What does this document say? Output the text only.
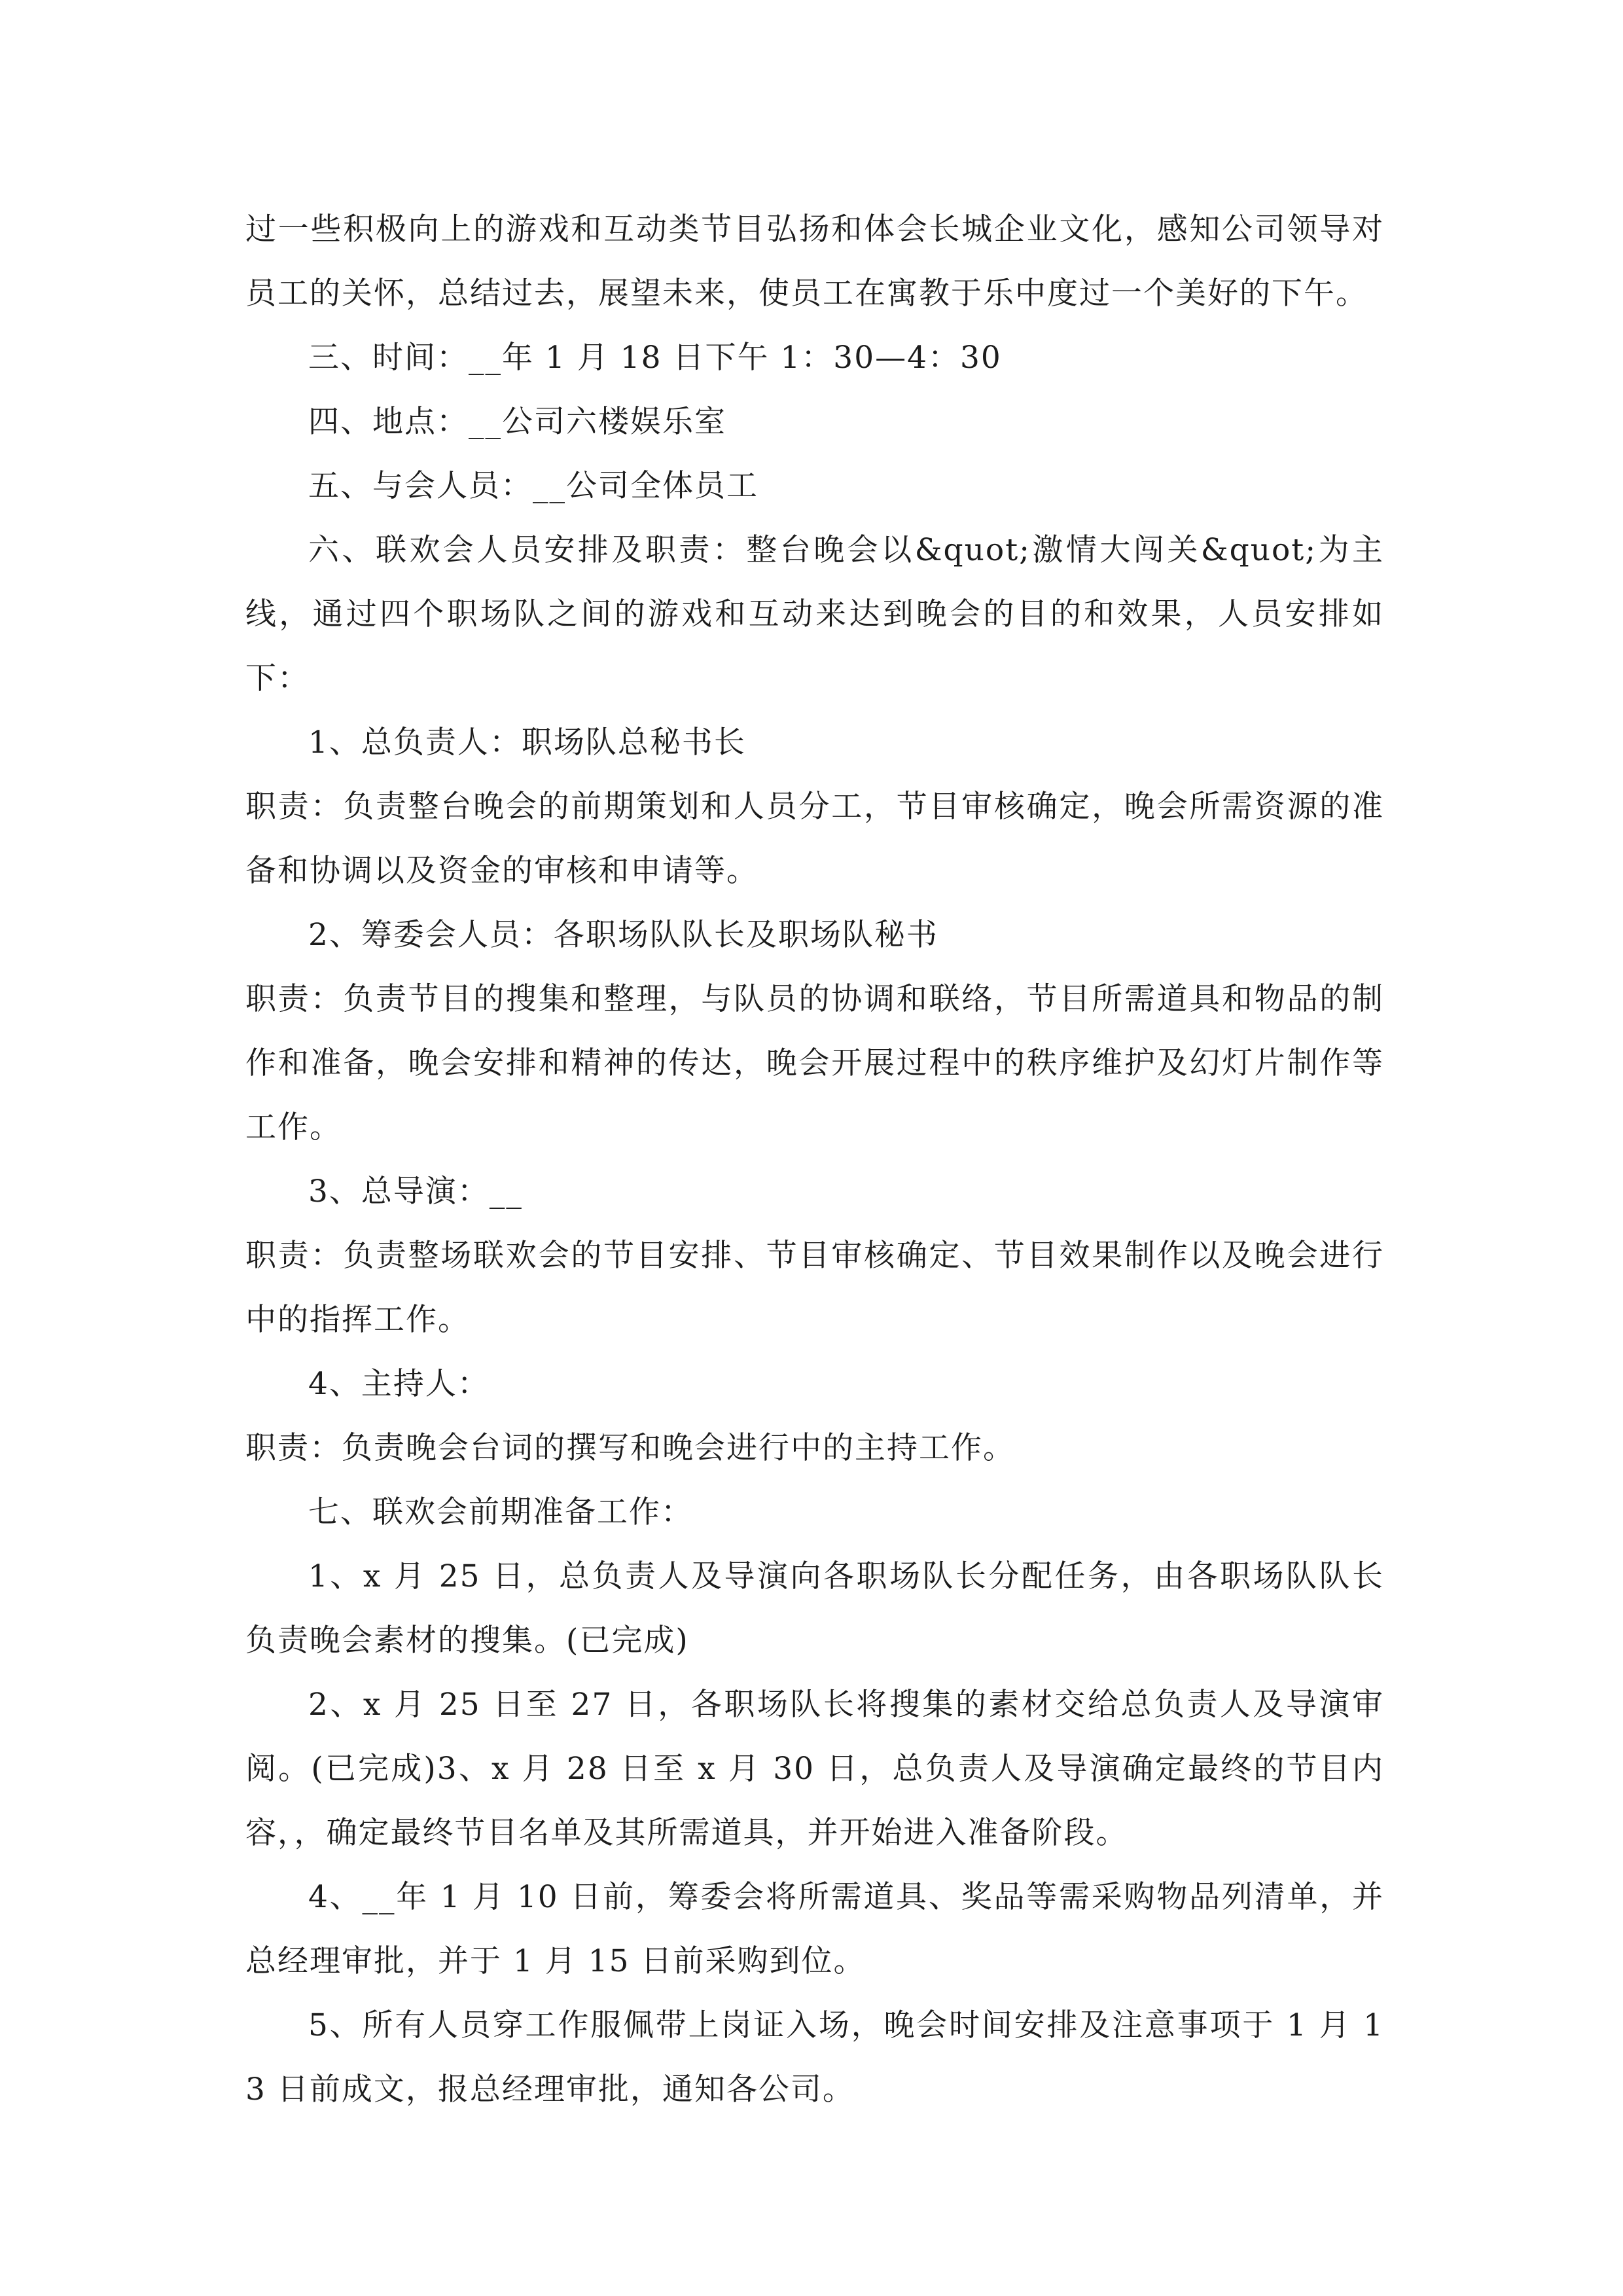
过一些积极向上的游戏和互动类节目弘扬和体会长城企业文化，感知公司领导对员工的关怀，总结过去，展望未来，使员工在寓教于乐中度过一个美好的下午。

三、时间：__年 1 月 18 日下午 1：30—4：30

四、地点：__公司六楼娱乐室

五、与会人员：__公司全体员工

六、联欢会人员安排及职责：整台晚会以&quot;激情大闯关&quot;为主线，通过四个职场队之间的游戏和互动来达到晚会的目的和效果，人员安排如下：

1、总负责人：职场队总秘书长

职责：负责整台晚会的前期策划和人员分工，节目审核确定，晚会所需资源的准备和协调以及资金的审核和申请等。

2、筹委会人员：各职场队队长及职场队秘书

职责：负责节目的搜集和整理，与队员的协调和联络，节目所需道具和物品的制作和准备，晚会安排和精神的传达，晚会开展过程中的秩序维护及幻灯片制作等工作。

3、总导演：__

职责：负责整场联欢会的节目安排、节目审核确定、节目效果制作以及晚会进行中的指挥工作。

4、主持人：

职责：负责晚会台词的撰写和晚会进行中的主持工作。

七、联欢会前期准备工作：

1、x 月 25 日，总负责人及导演向各职场队长分配任务，由各职场队队长负责晚会素材的搜集。(已完成)

2、x 月 25 日至 27 日，各职场队长将搜集的素材交给总负责人及导演审阅。(已完成)3、x 月 28 日至 x 月 30 日，总负责人及导演确定最终的节目内容，，确定最终节目名单及其所需道具，并开始进入准备阶段。

4、__年 1 月 10 日前，筹委会将所需道具、奖品等需采购物品列清单，并总经理审批，并于 1 月 15 日前采购到位。

5、所有人员穿工作服佩带上岗证入场，晚会时间安排及注意事项于 1 月 13 日前成文，报总经理审批，通知各公司。
